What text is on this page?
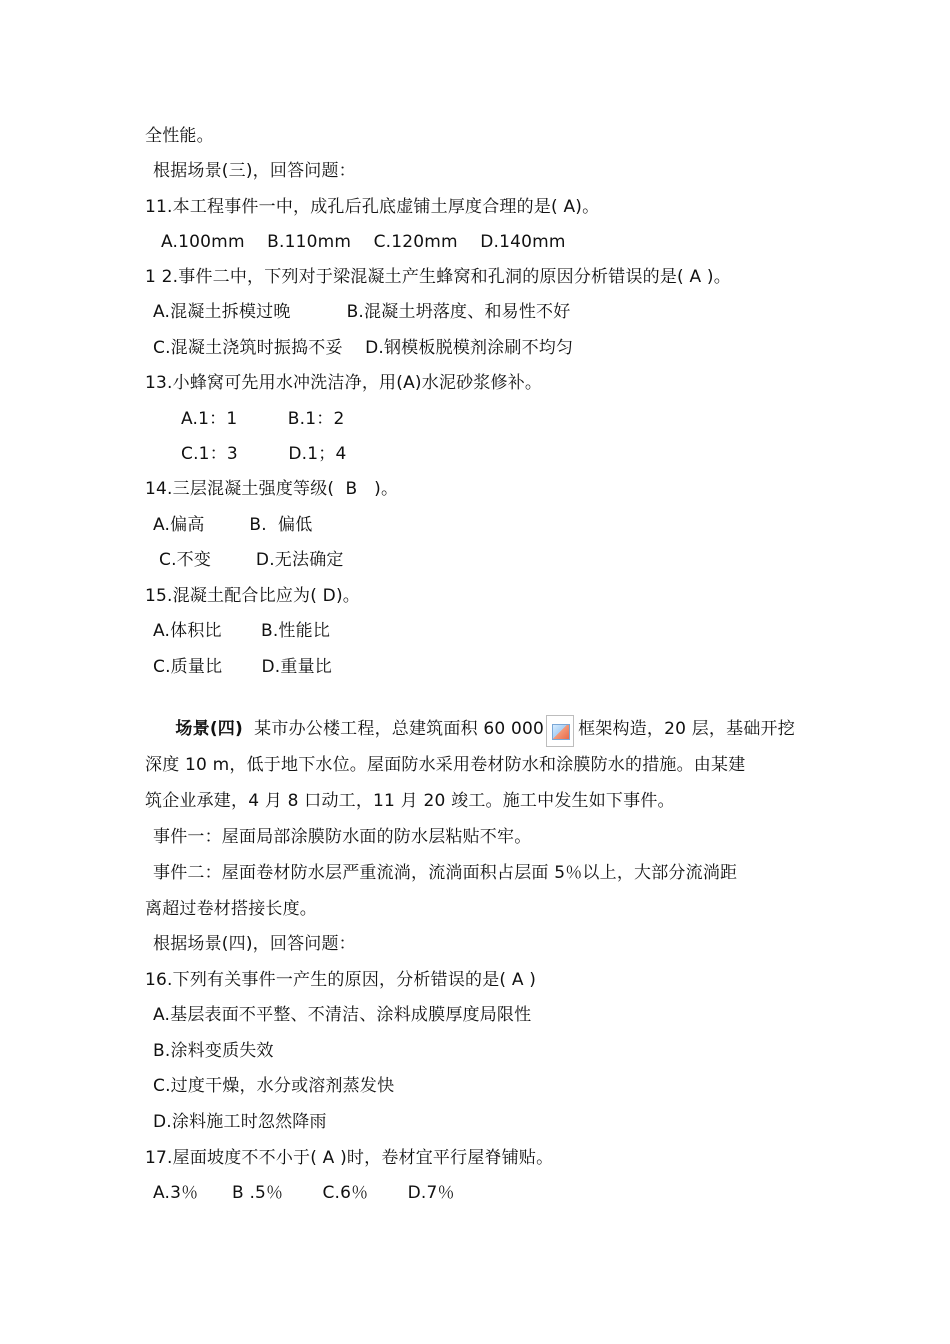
全性能。
根据场景(三)，回答问题：
11.本工程事件一中，成孔后孔底虚铺土厚度合理的是( A)。
A.100mm    B.110mm    C.120mm    D.140mm
1 2.事件二中，下列对于梁混凝土产生蜂窝和孔洞的原因分析错误的是( A )。
A.混凝土拆模过晚          B.混凝土坍落度、和易性不好
C.混凝土浇筑时振捣不妥    D.钢模板脱模剂涂刷不均匀
13.小蜂窝可先用水冲洗洁净，用(A)水泥砂浆修补。
A.1：1         B.1：2
C.1：3         D.1；4
14.三层混凝土强度等级(  B   )。
A.偏高        B.  偏低
C.不变        D.无法确定
15.混凝土配合比应为( D)。
A.体积比       B.性能比
C.质量比       D.重量比

场景(四)  某市办公楼工程，总建筑面积 60 000 框架构造，20 层，基础开挖

深度 10 m，低于地下水位。屋面防水采用卷材防水和涂膜防水的措施。由某建
筑企业承建，4 月 8 口动工，11 月 20 竣工。施工中发生如下事件。
事件一：屋面局部涂膜防水面的防水层粘贴不牢。
事件二：屋面卷材防水层严重流淌，流淌面积占层面 5％以上，大部分流淌距
离超过卷材搭接长度。
根据场景(四)，回答问题：
16.下列有关事件一产生的原因，分析错误的是( A )
A.基层表面不平整、不清洁、涂料成膜厚度局限性
B.涂料变质失效
C.过度干燥，水分或溶剂蒸发快
D.涂料施工时忽然降雨
17.屋面坡度不不小于( A )时，卷材宜平行屋脊铺贴。
A.3％      B .5％       C.6％       D.7％
